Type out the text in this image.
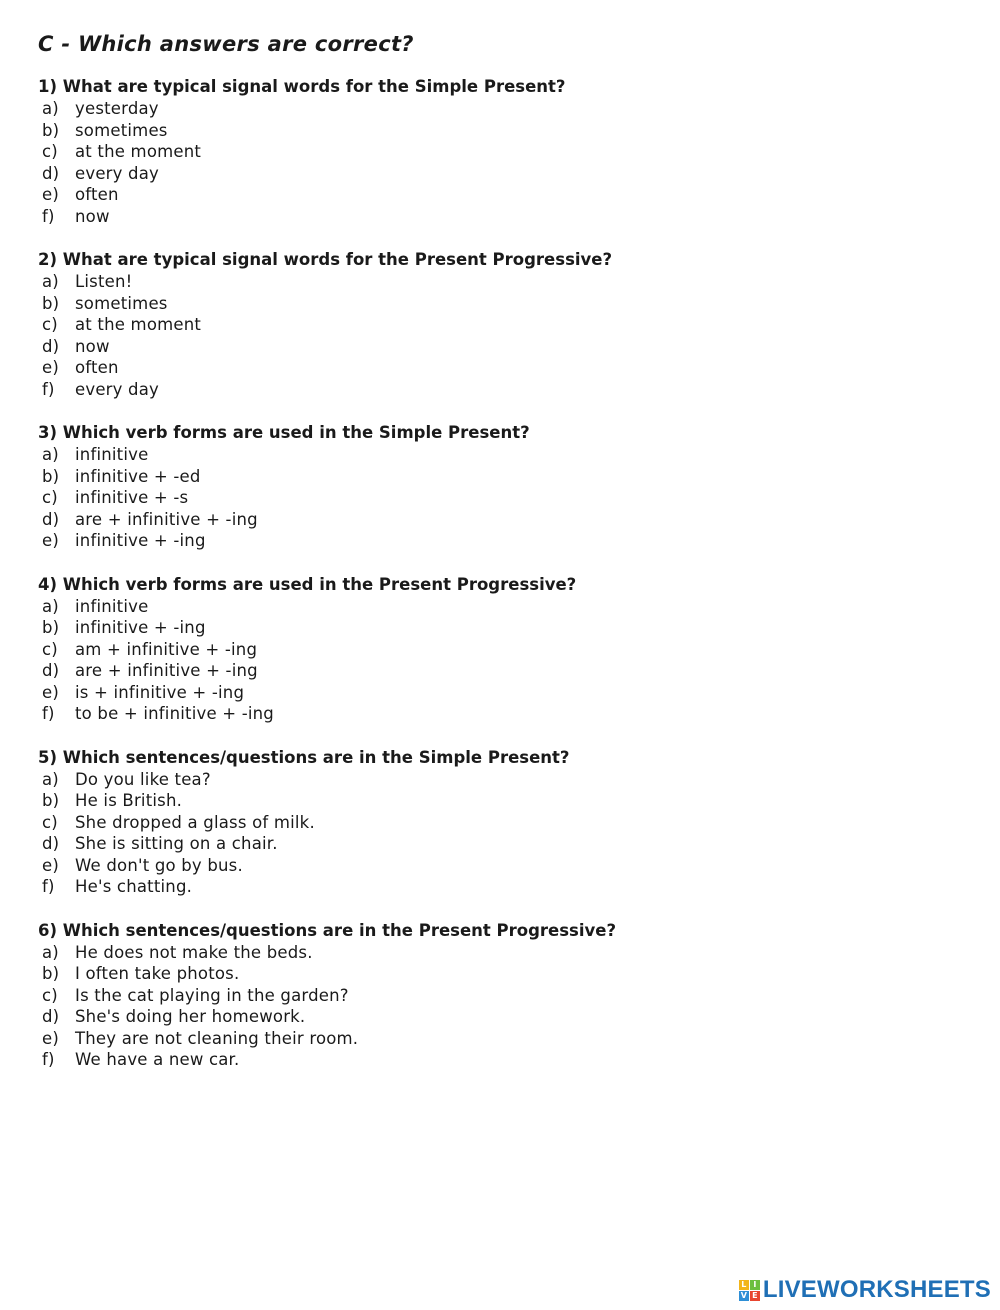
C - Which answers are correct?

1) What are typical signal words for the Simple Present?

a) yesterday
b) sometimes
c)	at the moment
d) every day
e) often
f)	now

2) What are typical signal words for the Present Progressive?

a) Listen!
b) sometimes
c)	at the moment
d) now
e) often
f)	every day

3) Which verb forms are used in the Simple Present?

a) infinitive
b) infinitive + -ed
c)	infinitive + -s
d) are + infinitive + -ing
e) infinitive + -ing

4) Which verb forms are used in the Present Progressive?

a) infinitive
b) infinitive + -ing
c)	am + infinitive + -ing
d) are + infinitive + -ing
e) is + infinitive + -ing
f)	to be + infinitive + -ing

5) Which sentences/questions are in the Simple Present?

a) Do you like tea?
b) He is British.
c)	She dropped a glass of milk.
d) She is sitting on a chair.
e) We don't go by bus.
f)	He's chatting.

6) Which sentences/questions are in the Present Progressive?

a) He does not make the beds.
b) I often take photos.
c)	Is the cat playing in the garden?
d) She's doing her homework.
e) They are not cleaning their room.
f)	We have a new car.
L I
V E LIVEWORKSHEETS
